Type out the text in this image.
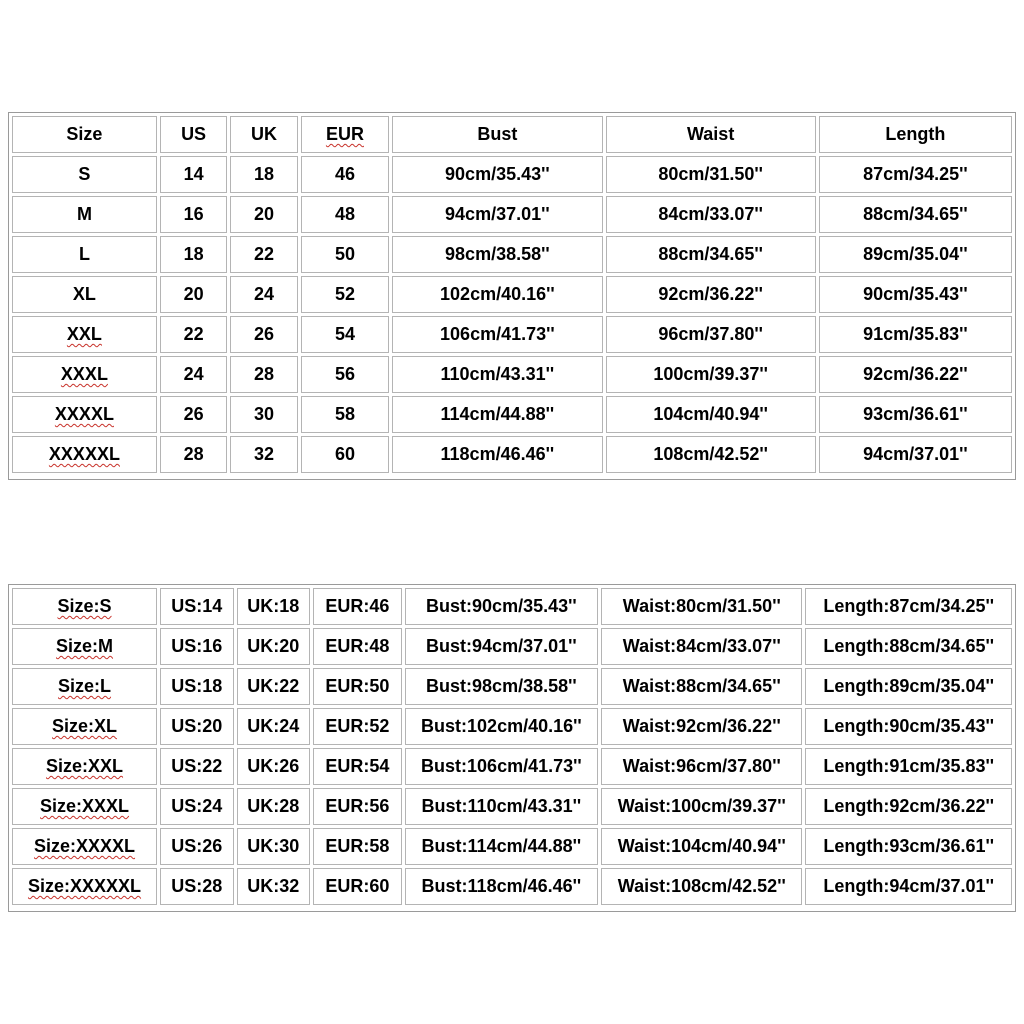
Size	US	UK	EUR	Bust	Waist	Length
S	14	18	46	90cm/35.43''	80cm/31.50''	87cm/34.25''
M	16	20	48	94cm/37.01''	84cm/33.07''	88cm/34.65''
L	18	22	50	98cm/38.58''	88cm/34.65''	89cm/35.04''
XL	20	24	52	102cm/40.16''	92cm/36.22''	90cm/35.43''
XXL	22	26	54	106cm/41.73''	96cm/37.80''	91cm/35.83''
XXXL	24	28	56	110cm/43.31''	100cm/39.37''	92cm/36.22''
XXXXL	26	30	58	114cm/44.88''	104cm/40.94''	93cm/36.61''
XXXXXL	28	32	60	118cm/46.46''	108cm/42.52''	94cm/37.01''
Size:S	US:14	UK:18	EUR:46	Bust:90cm/35.43''	Waist:80cm/31.50''	Length:87cm/34.25''
Size:M	US:16	UK:20	EUR:48	Bust:94cm/37.01''	Waist:84cm/33.07''	Length:88cm/34.65''
Size:L	US:18	UK:22	EUR:50	Bust:98cm/38.58''	Waist:88cm/34.65''	Length:89cm/35.04''
Size:XL	US:20	UK:24	EUR:52	Bust:102cm/40.16''	Waist:92cm/36.22''	Length:90cm/35.43''
Size:XXL	US:22	UK:26	EUR:54	Bust:106cm/41.73''	Waist:96cm/37.80''	Length:91cm/35.83''
Size:XXXL	US:24	UK:28	EUR:56	Bust:110cm/43.31''	Waist:100cm/39.37''	Length:92cm/36.22''
Size:XXXXL	US:26	UK:30	EUR:58	Bust:114cm/44.88''	Waist:104cm/40.94''	Length:93cm/36.61''
Size:XXXXXL	US:28	UK:32	EUR:60	Bust:118cm/46.46''	Waist:108cm/42.52''	Length:94cm/37.01''
